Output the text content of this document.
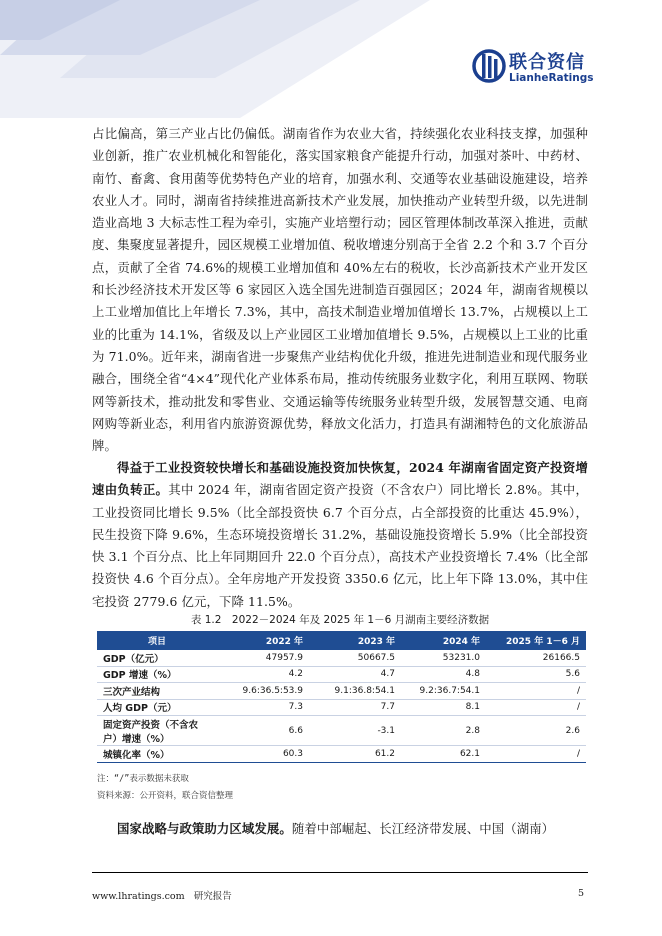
联合资信
LianheRatings

占比偏高，第三产业占比仍偏低。湖南省作为农业大省，持续强化农业科技支撑，加强种业创新，推广农业机械化和智能化，落实国家粮食产能提升行动，加强对茶叶、中药材、南竹、畜禽、食用菌等优势特色产业的培育，加强水利、交通等农业基础设施建设，培养农业人才。同时，湖南省持续推进高新技术产业发展，加快推动产业转型升级，以先进制造业高地 3 大标志性工程为牵引，实施产业培塑行动；园区管理体制改革深入推进，贡献度、集聚度显著提升，园区规模工业增加值、税收增速分别高于全省 2.2 个和 3.7 个百分点，贡献了全省 74.6%的规模工业增加值和 40%左右的税收，长沙高新技术产业开发区和长沙经济技术开发区等 6 家园区入选全国先进制造百强园区；2024 年，湖南省规模以上工业增加值比上年增长 7.3%，其中，高技术制造业增加值增长 13.7%，占规模以上工业的比重为 14.1%，省级及以上产业园区工业增加值增长 9.5%，占规模以上工业的比重为 71.0%。近年来，湖南省进一步聚焦产业结构优化升级，推进先进制造业和现代服务业融合，围绕全省“4×4”现代化产业体系布局，推动传统服务业数字化，利用互联网、物联网等新技术，推动批发和零售业、交通运输等传统服务业转型升级，发展智慧交通、电商网购等新业态，利用省内旅游资源优势，释放文化活力，打造具有湖湘特色的文化旅游品牌。

得益于工业投资较快增长和基础设施投资加快恢复，2024 年湖南省固定资产投资增速由负转正。其中 2024 年，湖南省固定资产投资（不含农户）同比增长 2.8%。其中，工业投资同比增长 9.5%（比全部投资快 6.7 个百分点，占全部投资的比重达 45.9%），民生投资下降 9.6%，生态环境投资增长 31.2%，基础设施投资增长 5.9%（比全部投资快 3.1 个百分点、比上年同期回升 22.0 个百分点），高技术产业投资增长 7.4%（比全部投资快 4.6 个百分点）。全年房地产开发投资 3350.6 亿元，比上年下降 13.0%，其中住宅投资 2779.6 亿元，下降 11.5%。

表 1.2　2022－2024 年及 2025 年 1－6 月湖南主要经济数据
项目	2022 年	2023 年	2024 年	2025 年 1－6 月
GDP（亿元）	47957.9	50667.5	53231.0	26166.5
GDP 增速（%）	4.2	4.7	4.8	5.6
三次产业结构	9.6:36.5:53.9	9.1:36.8:54.1	9.2:36.7:54.1	/
人均 GDP（元）	7.3	7.7	8.1	/
固定资产投资（不含农户）增速（%）	6.6	-3.1	2.8	2.6
城镇化率（%）	60.3	61.2	62.1	/
注：“/”表示数据未获取
资料来源：公开资料，联合资信整理

国家战略与政策助力区域发展。随着中部崛起、长江经济带发展、中国（湖南）

www.lhratings.com 研究报告	5
